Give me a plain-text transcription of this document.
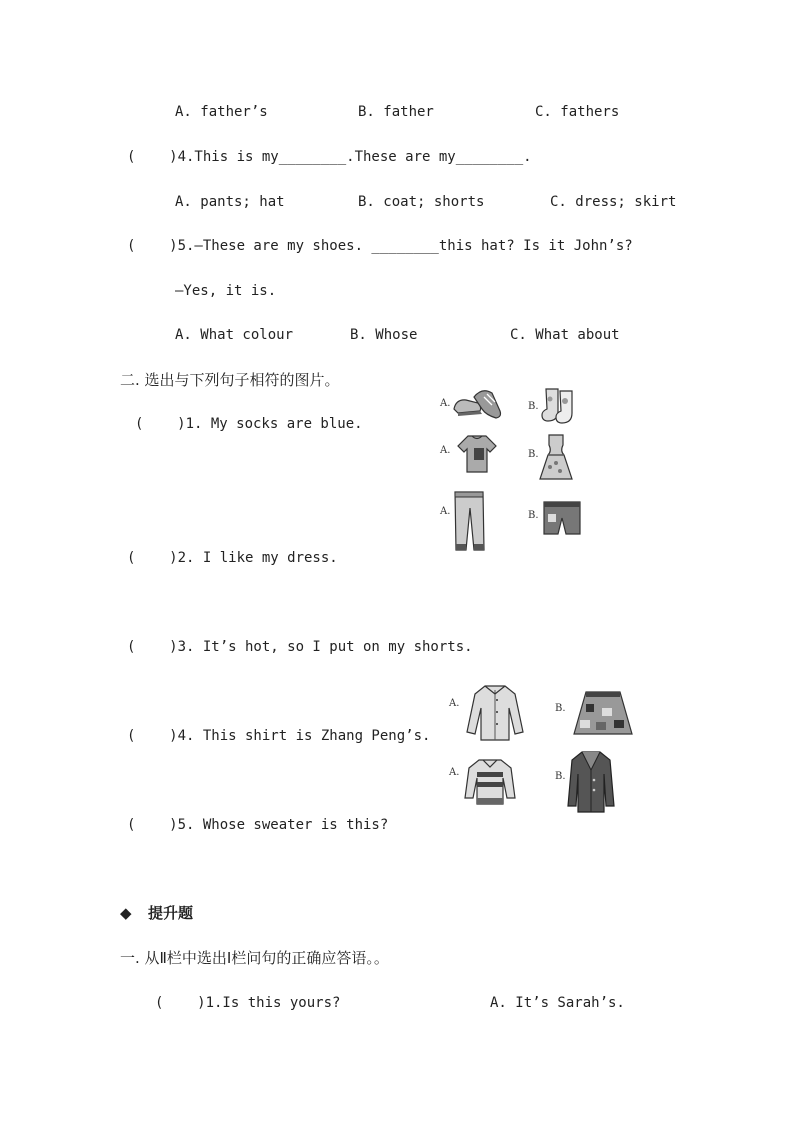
A. father’s	B. father	C. fathers
(    )4.This is my________.These are my________.
A. pants; hat	B. coat; shorts	C. dress; skirt
(    )5.—These are my shoes. ________this hat? Is it John’s?
—Yes, it is.
A. What colour	B. Whose	C. What about
二. 选出与下列句子相符的图片。
(    )1. My socks are blue.
(    )2. I like my dress.
(    )3. It’s hot, so I put on my shorts.
(    )4. This shirt is Zhang Peng’s.
(    )5. Whose sweater is this?
A.	B.
A.	B.
A.	B.
A.	B.
A.	B.
◆ 提升题
一. 从Ⅱ栏中选出Ⅰ栏问句的正确应答语。。
(    )1.Is this yours?	A. It’s Sarah’s.
